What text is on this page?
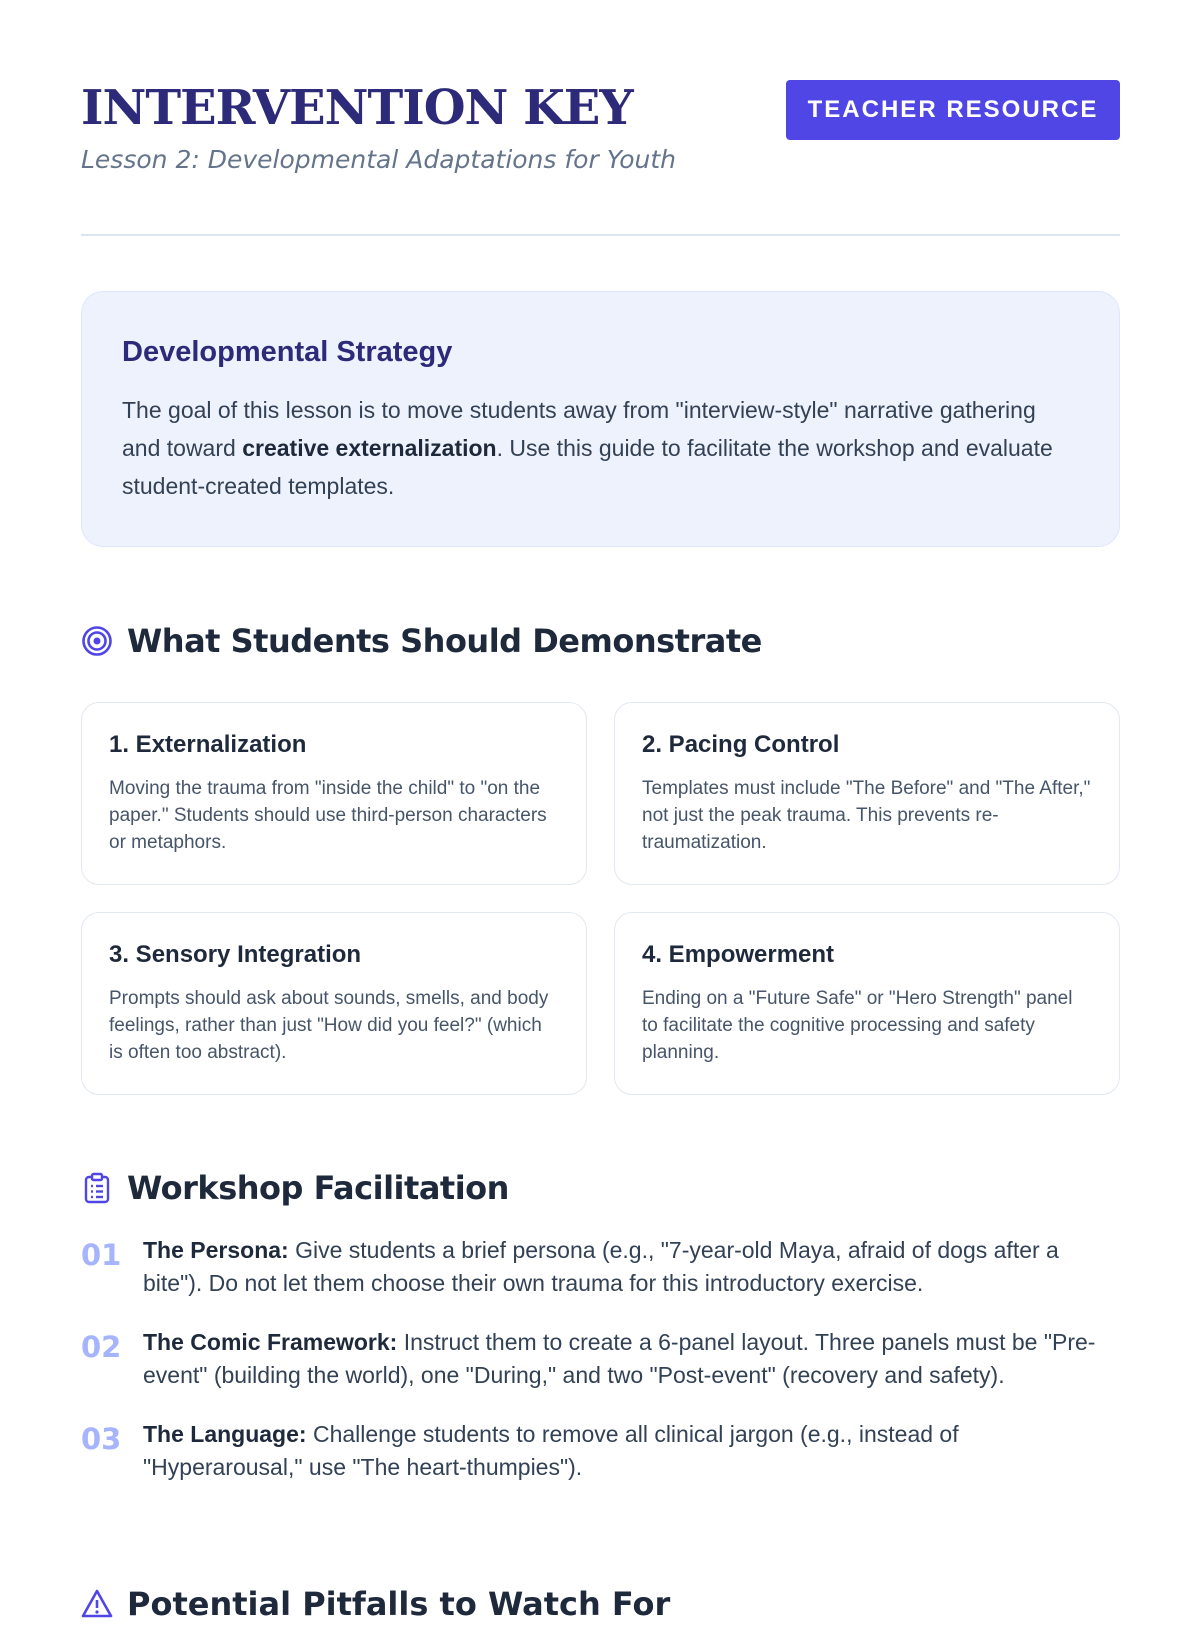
INTERVENTION KEY
Lesson 2: Developmental Adaptations for Youth
TEACHER RESOURCE
Developmental Strategy

The goal of this lesson is to move students away from "interview-style" narrative gathering and toward creative externalization. Use this guide to facilitate the workshop and evaluate student-created templates.

What Students Should Demonstrate
1. Externalization

Moving the trauma from "inside the child" to "on the paper." Students should use third-person characters or metaphors.

2. Pacing Control

Templates must include "The Before" and "The After," not just the peak trauma. This prevents re-traumatization.

3. Sensory Integration

Prompts should ask about sounds, smells, and body feelings, rather than just "How did you feel?" (which is often too abstract).

4. Empowerment

Ending on a "Future Safe" or "Hero Strength" panel to facilitate the cognitive processing and safety planning.

Workshop Facilitation
01 The Persona: Give students a brief persona (e.g., "7-year-old Maya, afraid of dogs after a bite"). Do not let them choose their own trauma for this introductory exercise.
02 The Comic Framework: Instruct them to create a 6-panel layout. Three panels must be "Pre-event" (building the world), one "During," and two "Post-event" (recovery and safety).
03 The Language: Challenge students to remove all clinical jargon (e.g., instead of "Hyperarousal," use "The heart-thumpies").
Potential Pitfalls to Watch For
